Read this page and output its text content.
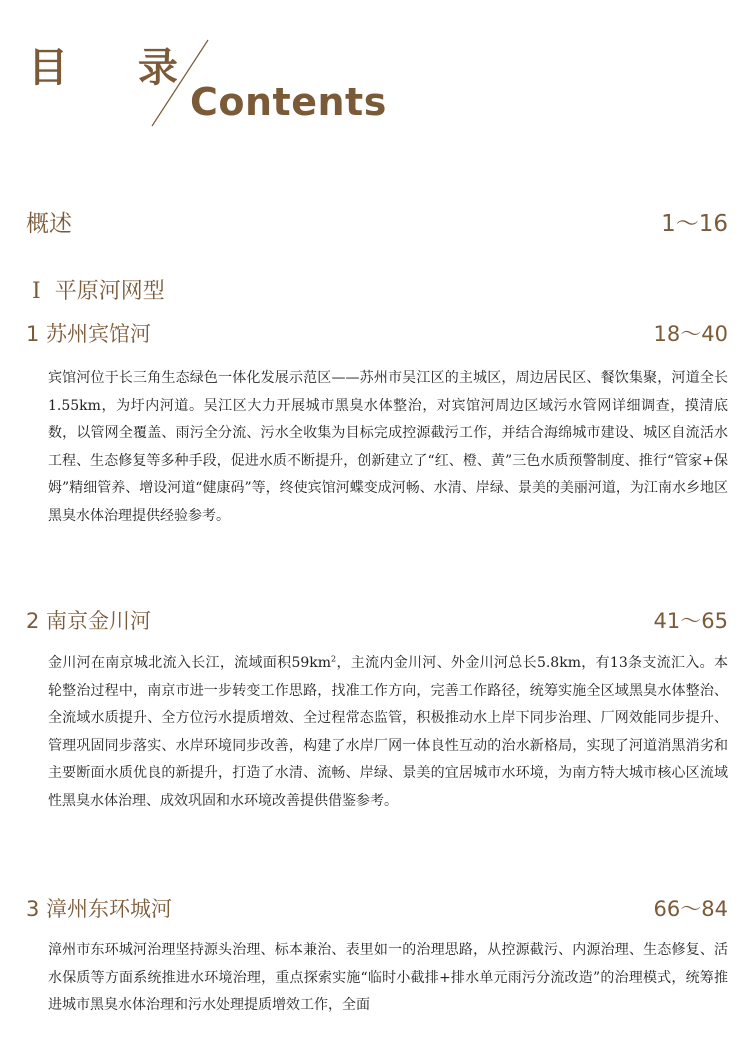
目 录
Contents
概述	1～16
I 平原河网型
1 苏州宾馆河	18～40

宾馆河位于长三角生态绿色一体化发展示范区——苏州市吴江区的主城区，周边居民区、餐饮集聚，河道全长1.55km，为圩内河道。吴江区大力开展城市黑臭水体整治，对宾馆河周边区域污水管网详细调查，摸清底数，以管网全覆盖、雨污全分流、污水全收集为目标完成控源截污工作，并结合海绵城市建设、城区自流活水工程、生态修复等多种手段，促进水质不断提升，创新建立了“红、橙、黄”三色水质预警制度、推行“管家+保姆”精细管养、增设河道“健康码”等，终使宾馆河蝶变成河畅、水清、岸绿、景美的美丽河道，为江南水乡地区黑臭水体治理提供经验参考。

2 南京金川河	41～65

金川河在南京城北流入长江，流域面积$59km^2$，主流内金川河、外金川河总长5.8km，有13条支流汇入。本轮整治过程中，南京市进一步转变工作思路，找准工作方向，完善工作路径，统筹实施全区域黑臭水体整治、全流域水质提升、全方位污水提质增效、全过程常态监管，积极推动水上岸下同步治理、厂网效能同步提升、管理巩固同步落实、水岸环境同步改善，构建了水岸厂网一体良性互动的治水新格局，实现了河道消黑消劣和主要断面水质优良的新提升，打造了水清、流畅、岸绿、景美的宜居城市水环境，为南方特大城市核心区流域性黑臭水体治理、成效巩固和水环境改善提供借鉴参考。

3 漳州东环城河	66～84

漳州市东环城河治理坚持源头治理、标本兼治、表里如一的治理思路，从控源截污、内源治理、生态修复、活水保质等方面系统推进水环境治理，重点探索实施“临时小截排+排水单元雨污分流改造”的治理模式，统筹推进城市黑臭水体治理和污水处理提质增效工作，全面
